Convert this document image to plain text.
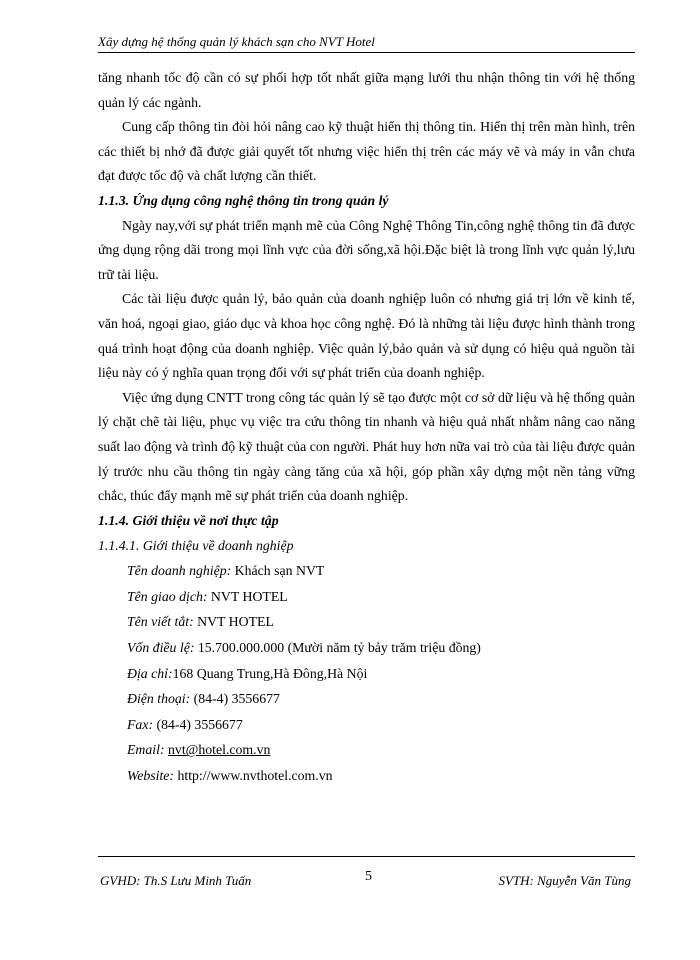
Xây dựng hệ thống quản lý khách sạn cho NVT Hotel

tăng nhanh tốc độ cần có sự phối hợp tốt nhất giữa mạng lưới thu nhận thông tin với hệ thống quản lý các ngành.

Cung cấp thông tin đòi hỏi nâng cao kỹ thuật hiển thị thông tin. Hiển thị trên màn hình, trên các thiết bị nhớ đã được giải quyết tốt nhưng việc hiển thị trên các máy vẽ và máy in vẫn chưa đạt được tốc độ và chất lượng cần thiết.

1.1.3. Ứng dụng công nghệ thông tin trong quản lý

Ngày nay,với sự phát triển mạnh mẽ của Công Nghệ Thông Tin,công nghệ thông tin đã được ứng dụng rộng dãi trong mọi lĩnh vực của đời sống,xã hội.Đặc biệt là trong lĩnh vực quản lý,lưu trữ tài liệu.

Các tài liệu được quản lý, bảo quản của doanh nghiệp luôn có nhưng giá trị lớn về kinh tế, văn hoá, ngoại giao, giáo dục và khoa học công nghệ. Đó là những tài liệu được hình thành trong quá trình hoạt động của doanh nghiệp. Việc quản lý,bảo quản và sử dụng có hiệu quả nguồn tài liệu này có ý nghĩa quan trọng đối với sự phát triển của doanh nghiệp.

Việc ứng dụng CNTT trong công tác quản lý sẽ tạo được một cơ sở dữ liệu và hệ thống quản lý chặt chẽ tài liệu, phục vụ việc tra cứu thông tin nhanh và hiệu quả nhất nhằm nâng cao năng suất lao động và trình độ kỹ thuật của con người. Phát huy hơn nữa vai trò của tài liệu được quản lý trước nhu cầu thông tin ngày càng tăng của xã hội, góp phần xây dựng một nền tảng vững chắc, thúc đẩy mạnh mẽ sự phát triển của doanh nghiệp.

1.1.4. Giới thiệu về nơi thực tập

1.1.4.1. Giới thiệu về doanh nghiệp

Tên doanh nghiệp: Khách sạn NVT

Tên giao dịch: NVT HOTEL

Tên viết tắt: NVT HOTEL

Vốn điều lệ: 15.700.000.000 (Mười năm tỷ bảy trăm triệu đồng)

Địa chỉ:168 Quang Trung,Hà Đông,Hà Nội

Điện thoại: (84-4) 3556677

Fax: (84-4) 3556677

Email: nvt@hotel.com.vn

Website: http://www.nvthotel.com.vn

GVHD: Th.S Lưu Minh Tuấn	5	SVTH: Nguyễn Văn Tùng
